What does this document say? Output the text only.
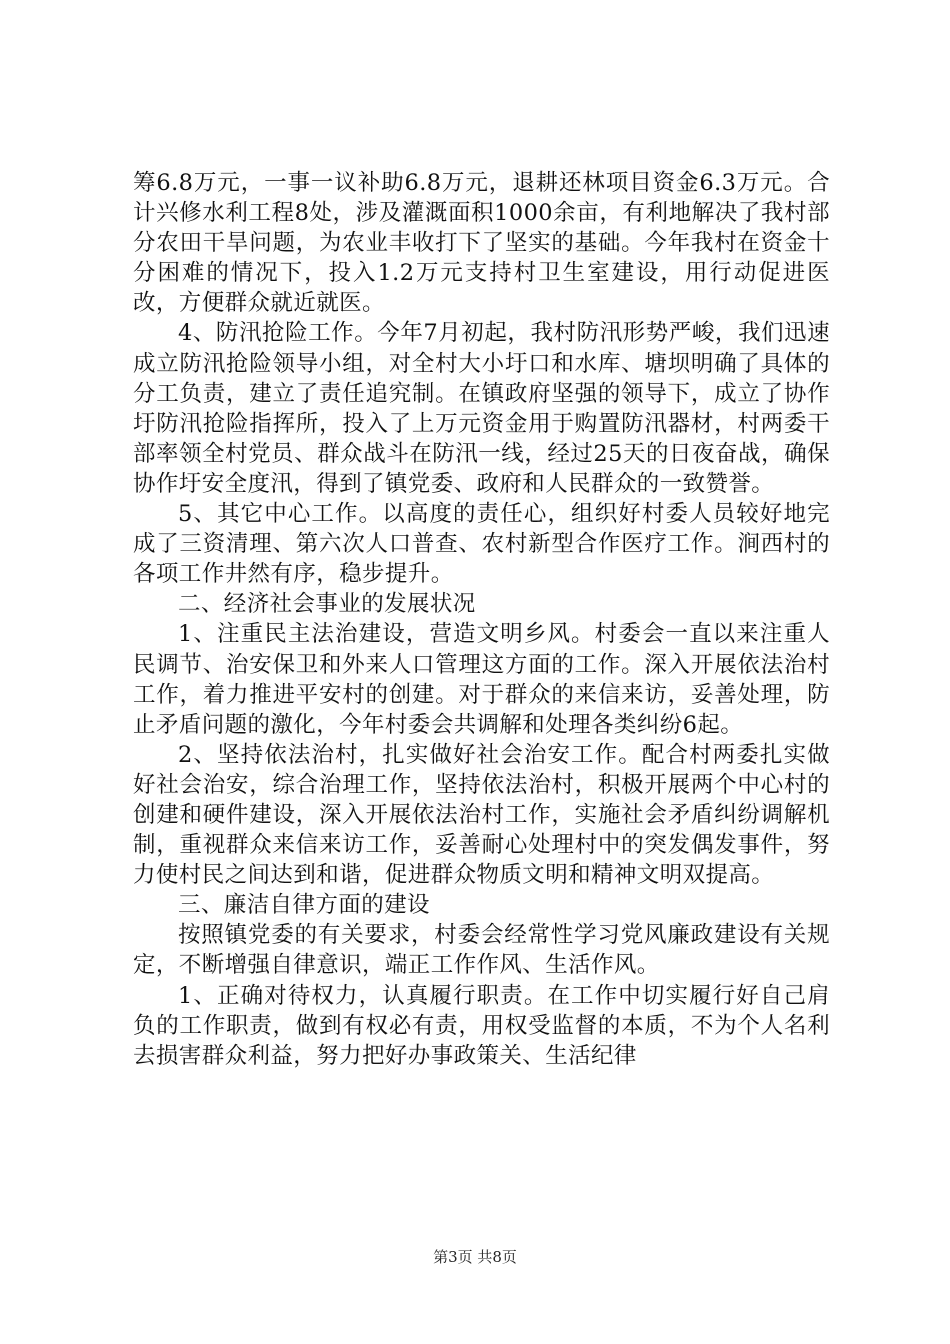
筹6.8万元，一事一议补助6.8万元，退耕还林项目资金6.3万元。合计兴修水利工程8处，涉及灌溉面积1000余亩，有利地解决了我村部分农田干旱问题，为农业丰收打下了坚实的基础。今年我村在资金十分困难的情况下，投入1.2万元支持村卫生室建设，用行动促进医改，方便群众就近就医。

4、防汛抢险工作。今年7月初起，我村防汛形势严峻，我们迅速成立防汛抢险领导小组，对全村大小圩口和水库、塘坝明确了具体的分工负责，建立了责任追究制。在镇政府坚强的领导下，成立了协作圩防汛抢险指挥所，投入了上万元资金用于购置防汛器材，村两委干部率领全村党员、群众战斗在防汛一线，经过25天的日夜奋战，确保协作圩安全度汛，得到了镇党委、政府和人民群众的一致赞誉。

5、其它中心工作。以高度的责任心，组织好村委人员较好地完成了三资清理、第六次人口普查、农村新型合作医疗工作。涧西村的各项工作井然有序，稳步提升。

二、经济社会事业的发展状况

1、注重民主法治建设，营造文明乡风。村委会一直以来注重人民调节、治安保卫和外来人口管理这方面的工作。深入开展依法治村工作，着力推进平安村的创建。对于群众的来信来访，妥善处理，防止矛盾问题的激化，今年村委会共调解和处理各类纠纷6起。

2、坚持依法治村，扎实做好社会治安工作。配合村两委扎实做好社会治安，综合治理工作，坚持依法治村，积极开展两个中心村的创建和硬件建设，深入开展依法治村工作，实施社会矛盾纠纷调解机制，重视群众来信来访工作，妥善耐心处理村中的突发偶发事件，努力使村民之间达到和谐，促进群众物质文明和精神文明双提高。

三、廉洁自律方面的建设

按照镇党委的有关要求，村委会经常性学习党风廉政建设有关规定，不断增强自律意识，端正工作作风、生活作风。

1、正确对待权力，认真履行职责。在工作中切实履行好自己肩负的工作职责，做到有权必有责，用权受监督的本质，不为个人名利去损害群众利益，努力把好办事政策关、生活纪律

第3页 共8页
